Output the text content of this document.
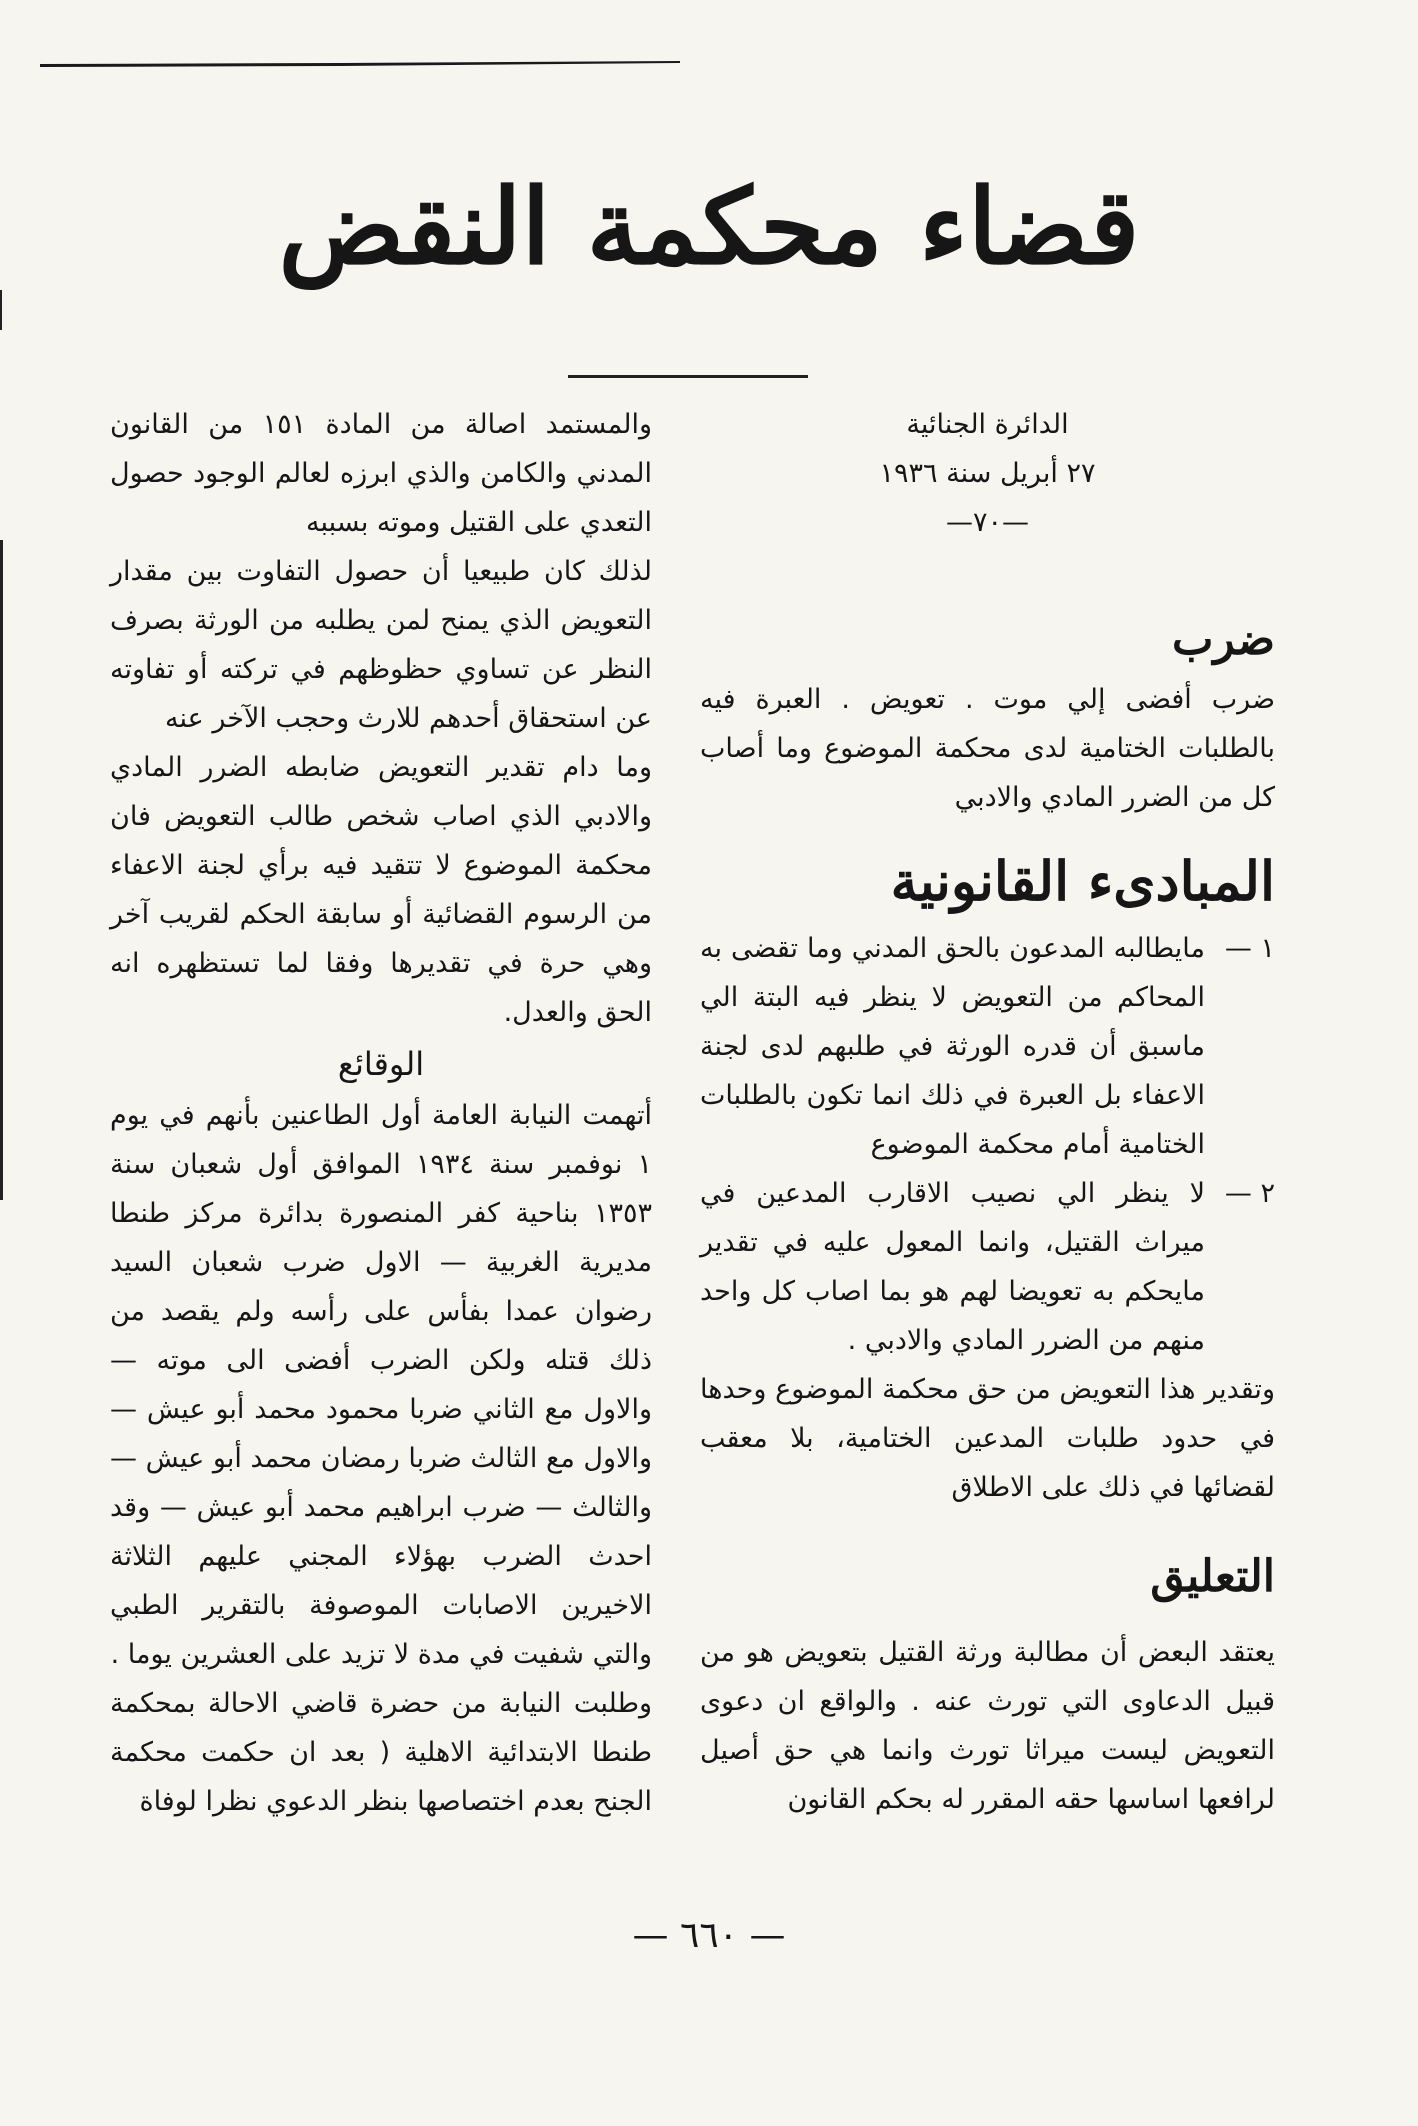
قضاء محكمة النقض

الدائرة الجنائية

٢٧ أبريل سنة ١٩٣٦

—٧٠—

ضرب

ضرب أفضى إلي موت . تعويض . العبرة فيه بالطلبات الختامية لدى محكمة الموضوع وما أصاب كل من الضرر المادي والادبي

المبادىء القانونية

١ —
مايطالبه المدعون بالحق المدني وما تقضى به المحاكم من التعويض لا ينظر فيه البتة الي ماسبق أن قدره الورثة في طلبهم لدى لجنة الاعفاء بل العبرة في ذلك انما تكون بالطلبات الختامية أمام محكمة الموضوع
٢ —
لا ينظر الي نصيب الاقارب المدعين في ميراث القتيل، وانما المعول عليه في تقدير مايحكم به تعويضا لهم هو بما اصاب كل واحد منهم من الضرر المادي والادبي .

وتقدير هذا التعويض من حق محكمة الموضوع وحدها في حدود طلبات المدعين الختامية، بلا معقب لقضائها في ذلك على الاطلاق

التعليق

يعتقد البعض أن مطالبة ورثة القتيل بتعويض هو من قبيل الدعاوى التي تورث عنه . والواقع ان دعوى التعويض ليست ميراثا تورث وانما هي حق أصيل لرافعها اساسها حقه المقرر له بحكم القانون

والمستمد اصالة من المادة ١٥١ من القانون المدني والكامن والذي ابرزه لعالم الوجود حصول التعدي على القتيل وموته بسببه

لذلك كان طبيعيا أن حصول التفاوت بين مقدار التعويض الذي يمنح لمن يطلبه من الورثة بصرف النظر عن تساوي حظوظهم في تركته أو تفاوته عن استحقاق أحدهم للارث وحجب الآخر عنه

وما دام تقدير التعويض ضابطه الضرر المادي والادبي الذي اصاب شخص طالب التعويض فان محكمة الموضوع لا تتقيد فيه برأي لجنة الاعفاء من الرسوم القضائية أو سابقة الحكم لقريب آخر وهي حرة في تقديرها وفقا لما تستظهره انه الحق والعدل.

الوقائع

أتهمت النيابة العامة أول الطاعنين بأنهم في يوم ١ نوفمبر سنة ١٩٣٤ الموافق أول شعبان سنة ١٣٥٣ بناحية كفر المنصورة بدائرة مركز طنطا مديرية الغربية — الاول ضرب شعبان السيد رضوان عمدا بفأس على رأسه ولم يقصد من ذلك قتله ولكن الضرب أفضى الى موته — والاول مع الثاني ضربا محمود محمد أبو عيش — والاول مع الثالث ضربا رمضان محمد أبو عيش — والثالث — ضرب ابراهيم محمد أبو عيش — وقد احدث الضرب بهؤلاء المجني عليهم الثلاثة الاخيرين الاصابات الموصوفة بالتقرير الطبي والتي شفيت في مدة لا تزيد على العشرين يوما .

وطلبت النيابة من حضرة قاضي الاحالة بمحكمة طنطا الابتدائية الاهلية ( بعد ان حكمت محكمة الجنح بعدم اختصاصها بنظر الدعوي نظرا لوفاة

— ٦٦٠ —
